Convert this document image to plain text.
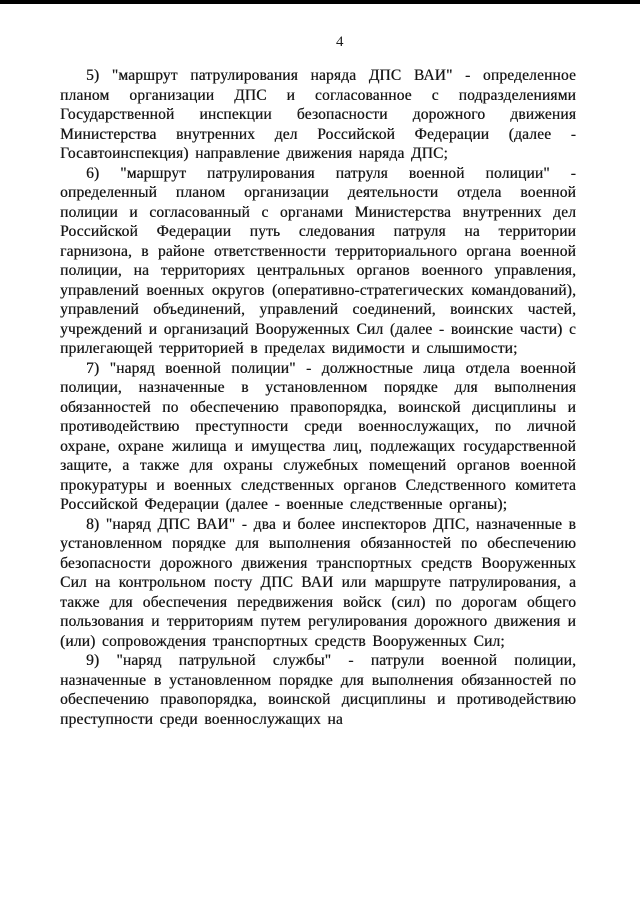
4

5) "маршрут патрулирования наряда ДПС ВАИ" - определенное планом организации ДПС и согласованное с подразделениями Государственной инспекции безопасности дорожного движения Министерства внутренних дел Российской Федерации (далее - Госавтоинспекция) направление движения наряда ДПС;

6) "маршрут патрулирования патруля военной полиции" - определенный планом организации деятельности отдела военной полиции и согласованный с органами Министерства внутренних дел Российской Федерации путь следования патруля на территории гарнизона, в районе ответственности территориального органа военной полиции, на территориях центральных органов военного управления, управлений военных округов (оперативно-стратегических командований), управлений объединений, управлений соединений, воинских частей, учреждений и организаций Вооруженных Сил (далее - воинские части) с прилегающей территорией в пределах видимости и слышимости;

7) "наряд военной полиции" - должностные лица отдела военной полиции, назначенные в установленном порядке для выполнения обязанностей по обеспечению правопорядка, воинской дисциплины и противодействию преступности среди военнослужащих, по личной охране, охране жилища и имущества лиц, подлежащих государственной защите, а также для охраны служебных помещений органов военной прокуратуры и военных следственных органов Следственного комитета Российской Федерации (далее - военные следственные органы);

8) "наряд ДПС ВАИ" - два и более инспекторов ДПС, назначенные в установленном порядке для выполнения обязанностей по обеспечению безопасности дорожного движения транспортных средств Вооруженных Сил на контрольном посту ДПС ВАИ или маршруте патрулирования, а также для обеспечения передвижения войск (сил) по дорогам общего пользования и территориям путем регулирования дорожного движения и (или) сопровождения транспортных средств Вооруженных Сил;

9) "наряд патрульной службы" - патрули военной полиции, назначенные в установленном порядке для выполнения обязанностей по обеспечению правопорядка, воинской дисциплины и противодействию преступности среди военнослужащих на
